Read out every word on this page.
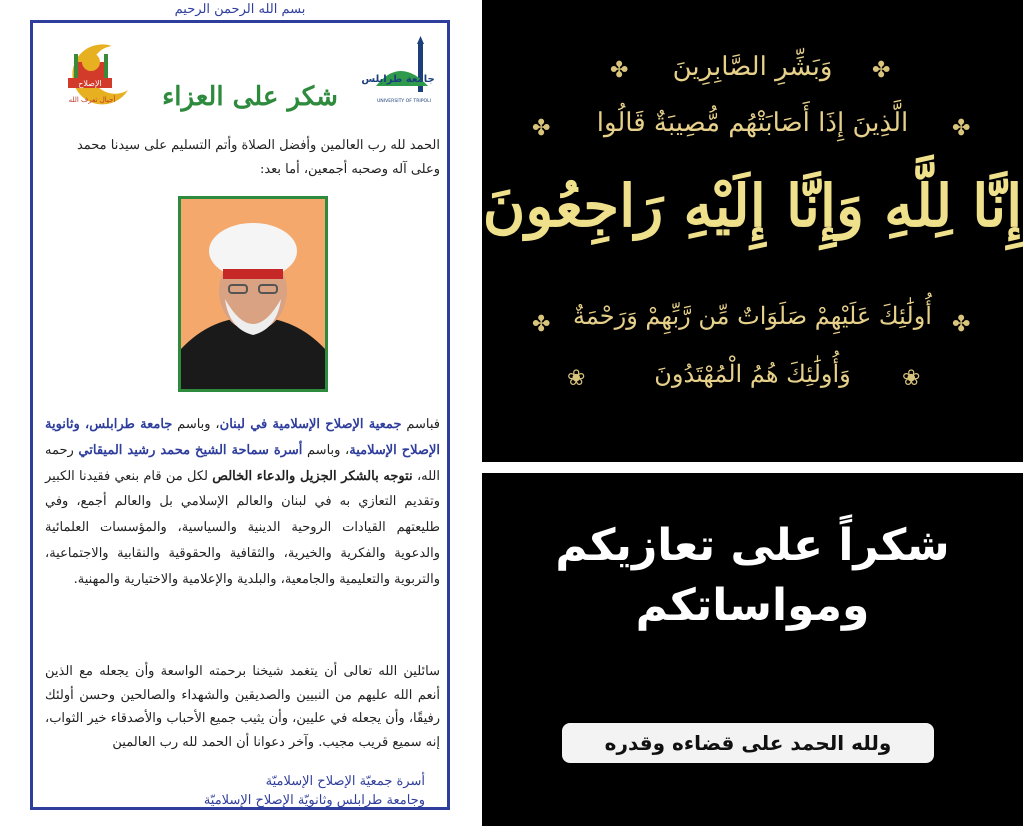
بسم الله الرحمن الرحيم
الإصلاح
أجيال تعرف الله
جامعة طرابلس
UNIVERSITY OF TRIPOLI
شكر على العزاء
الحمد لله رب العالمين وأفضل الصلاة وأتم التسليم على سيدنا محمد
وعلى آله وصحبه أجمعين، أما بعد:
فباسم جمعية الإصلاح الإسلامية في لبنان، وباسم جامعة طرابلس، وثانوية الإصلاح الإسلامية، وباسم أسرة سماحة الشيخ محمد رشيد الميقاتي رحمه الله، نتوجه بالشكر الجزيل والدعاء الخالص لكل من قام بنعي فقيدنا الكبير وتقديم التعازي به في لبنان والعالم الإسلامي بل والعالم أجمع، وفي طليعتهم القيادات الروحية الدينية والسياسية، والمؤسسات العلمائية والدعوية والفكرية والخيرية، والثقافية والحقوقية والنقابية والاجتماعية، والتربوية والتعليمية والجامعية، والبلدية والإعلامية والاختيارية والمهنية.
سائلين الله تعالى أن يتغمد شيخنا برحمته الواسعة وأن يجعله مع الذين أنعم الله عليهم من النبيين والصديقين والشهداء والصالحين وحسن أولئك رفيقًا، وأن يجعله في عليين، وأن يثيب جميع الأحباب والأصدقاء خير الثواب، إنه سميع قريب مجيب. وآخر دعوانا أن الحمد لله رب العالمين
أسرة جمعيّة الإصلاح الإسلاميّة
وجامعة طرابلس وثانويّة الإصلاح الإسلاميّة
✤	✤
✤	✤
✤	✤
❀	❀
وَبَشِّرِ الصَّابِرِينَ
الَّذِينَ إِذَا أَصَابَتْهُم مُّصِيبَةٌ قَالُوا
إِنَّا لِلَّهِ وَإِنَّا إِلَيْهِ رَاجِعُونَ
أُولَٰئِكَ عَلَيْهِمْ صَلَوَاتٌ مِّن رَّبِّهِمْ وَرَحْمَةٌ
وَأُولَٰئِكَ هُمُ الْمُهْتَدُونَ
شكراً على تعازيكم
ومواساتكم
ولله الحمد على قضاءه وقدره
